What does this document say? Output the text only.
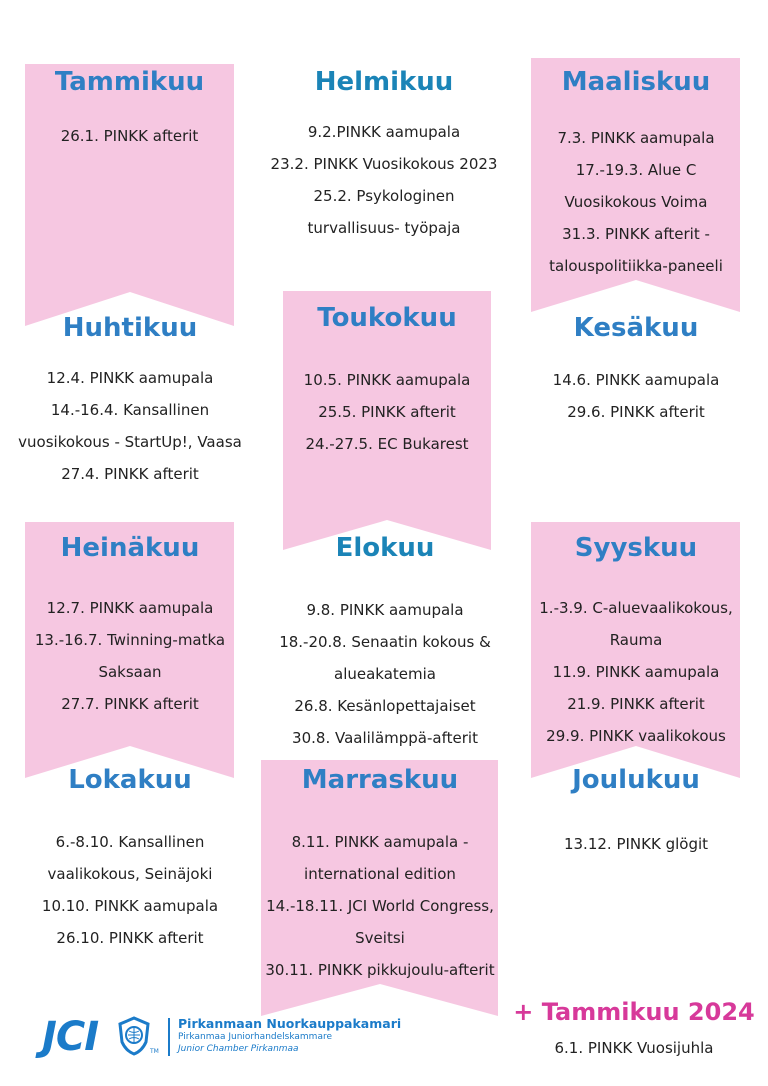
Tammikuu
26.1. PINKK afterit
Helmikuu
9.2.PINKK aamupala
23.2. PINKK Vuosikokous 2023
25.2. Psykologinen
turvallisuus- työpaja
Maaliskuu
7.3. PINKK aamupala
17.-19.3. Alue C
Vuosikokous Voima
31.3. PINKK afterit -
talouspolitiikka-paneeli
Huhtikuu
12.4. PINKK aamupala
14.-16.4. Kansallinen
vuosikokous - StartUp!, Vaasa
27.4. PINKK afterit
Toukokuu
10.5. PINKK aamupala
25.5. PINKK afterit
24.-27.5. EC Bukarest
Kesäkuu
14.6. PINKK aamupala
29.6. PINKK afterit
Heinäkuu
12.7. PINKK aamupala
13.-16.7. Twinning-matka
Saksaan
27.7. PINKK afterit
Elokuu
9.8. PINKK aamupala
18.-20.8. Senaatin kokous &
alueakatemia
26.8. Kesänlopettajaiset
30.8. Vaalilämppä-afterit
Syyskuu
1.-3.9. C-aluevaalikokous,
Rauma
11.9. PINKK aamupala
21.9. PINKK afterit
29.9. PINKK vaalikokous
Lokakuu
6.-8.10. Kansallinen
vaalikokous, Seinäjoki
10.10. PINKK aamupala
26.10. PINKK afterit
Marraskuu
8.11. PINKK aamupala -
international edition
14.-18.11. JCI World Congress,
Sveitsi
30.11. PINKK pikkujoulu-afterit
Joulukuu
13.12. PINKK glögit
+ Tammikuu 2024
6.1. PINKK Vuosijuhla
JCI	TM
Pirkanmaan Nuorkauppakamari
Pirkanmaa Juniorhandelskammare
Junior Chamber Pirkanmaa
